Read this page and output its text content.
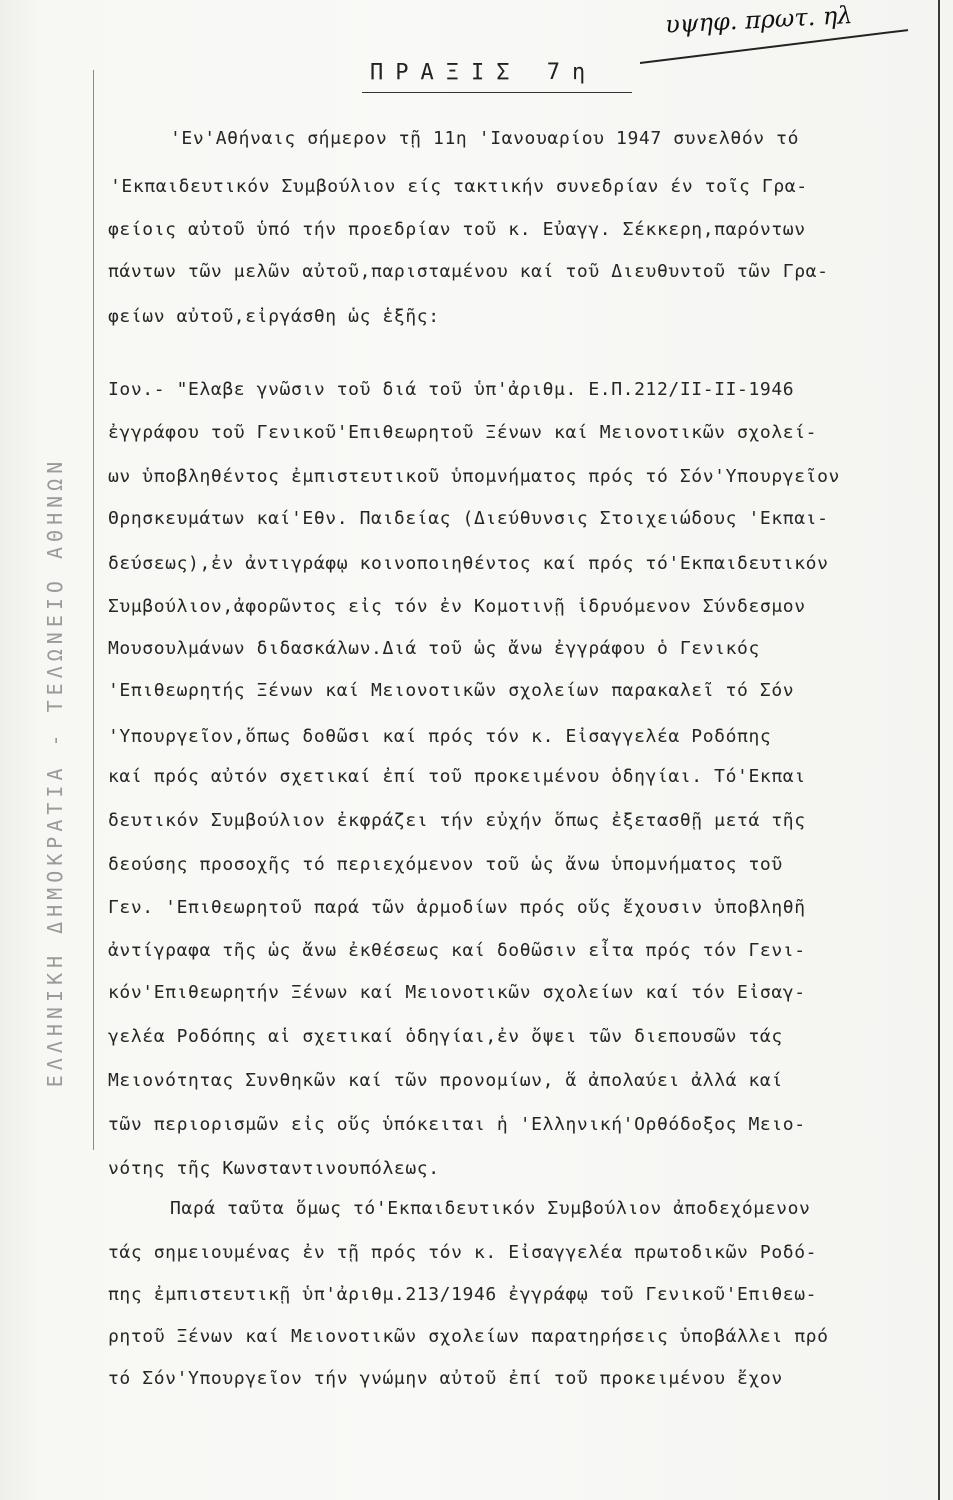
ΕΛΛΗΝΙΚΗ ΔΗΜΟΚΡΑΤΙΑ - ΤΕΛΩΝΕΙΟ ΑΘΗΝΩΝ
υψηφ. πρωτ. ηλ
ΠΡΑΞΙΣ 7η
'Εν'Αθήναις σήμερον τῇ 11η 'Ιανουαρίου 1947 συνελθόν τό
'Εκπαιδευτικόν Συμβούλιον είς τακτικήν συνεδρίαν έν τοῖς Γρα-
φείοις αὐτοῦ ὑπό τήν προεδρίαν τοῦ κ. Εὐαγγ. Σέκκερη,παρόντων
πάντων τῶν μελῶν αὐτοῦ,παρισταμένου καί τοῦ Διευθυντοῦ τῶν Γρα-
φείων αὐτοῦ,εἰργάσθη ὡς ἑξῆς:
Ιον.- "Ελαβε γνῶσιν τοῦ διά τοῦ ὑπ'ἀριθμ. Ε.Π.212/II-II-1946
ἐγγράφου τοῦ Γενικοῦ'Επιθεωρητοῦ Ξένων καί Μειονοτικῶν σχολεί-
ων ὑποβληθέντος ἐμπιστευτικοῦ ὑπομνήματος πρός τό Σόν'Υπουργεῖον
Θρησκευμάτων καί'Εθν. Παιδείας (Διεύθυνσις Στοιχειώδους 'Εκπαι-
δεύσεως),ἐν ἀντιγράφῳ κοινοποιηθέντος καί πρός τό'Εκπαιδευτικόν
Συμβούλιον,ἀφορῶντος εἰς τόν ἐν Κομοτινῇ ἱδρυόμενον Σύνδεσμον
Μουσουλμάνων διδασκάλων.Διά τοῦ ὡς ἄνω ἐγγράφου ὁ Γενικός
'Επιθεωρητής Ξένων καί Μειονοτικῶν σχολείων παρακαλεῖ τό Σόν
'Υπουργεῖον,ὅπως δοθῶσι καί πρός τόν κ. Εἰσαγγελέα Ροδόπης
καί πρός αὐτόν σχετικαί ἐπί τοῦ προκειμένου ὁδηγίαι. Τό'Εκπαι
δευτικόν Συμβούλιον ἐκφράζει τήν εὐχήν ὅπως ἐξετασθῇ μετά τῆς
δεούσης προσοχῆς τό περιεχόμενον τοῦ ὡς ἄνω ὑπομνήματος τοῦ
Γεν. 'Επιθεωρητοῦ παρά τῶν ἁρμοδίων πρός οὕς ἔχουσιν ὑποβληθῆ
ἀντίγραφα τῆς ὡς ἄνω ἐκθέσεως καί δοθῶσιν εἶτα πρός τόν Γενι-
κόν'Επιθεωρητήν Ξένων καί Μειονοτικῶν σχολείων καί τόν Εἰσαγ-
γελέα Ροδόπης αἱ σχετικαί ὁδηγίαι,ἐν ὄψει τῶν διεπουσῶν τάς
Μειονότητας Συνθηκῶν καί τῶν προνομίων, ἅ ἀπολαύει ἀλλά καί
τῶν περιορισμῶν εἰς οὕς ὑπόκειται ἡ 'Ελληνική'Ορθόδοξος Μειο-
νότης τῆς Κωνσταντινουπόλεως.
Παρά ταῦτα ὅμως τό'Εκπαιδευτικόν Συμβούλιον ἀποδεχόμενον
τάς σημειουμένας ἐν τῇ πρός τόν κ. Εἰσαγγελέα πρωτοδικῶν Ροδό-
πης ἐμπιστευτικῇ ὑπ'ἀριθμ.213/1946 ἐγγράφῳ τοῦ Γενικοῦ'Επιθεω-
ρητοῦ Ξένων καί Μειονοτικῶν σχολείων παρατηρήσεις ὑποβάλλει πρό
τό Σόν'Υπουργεῖον τήν γνώμην αὐτοῦ ἐπί τοῦ προκειμένου ἔχον
